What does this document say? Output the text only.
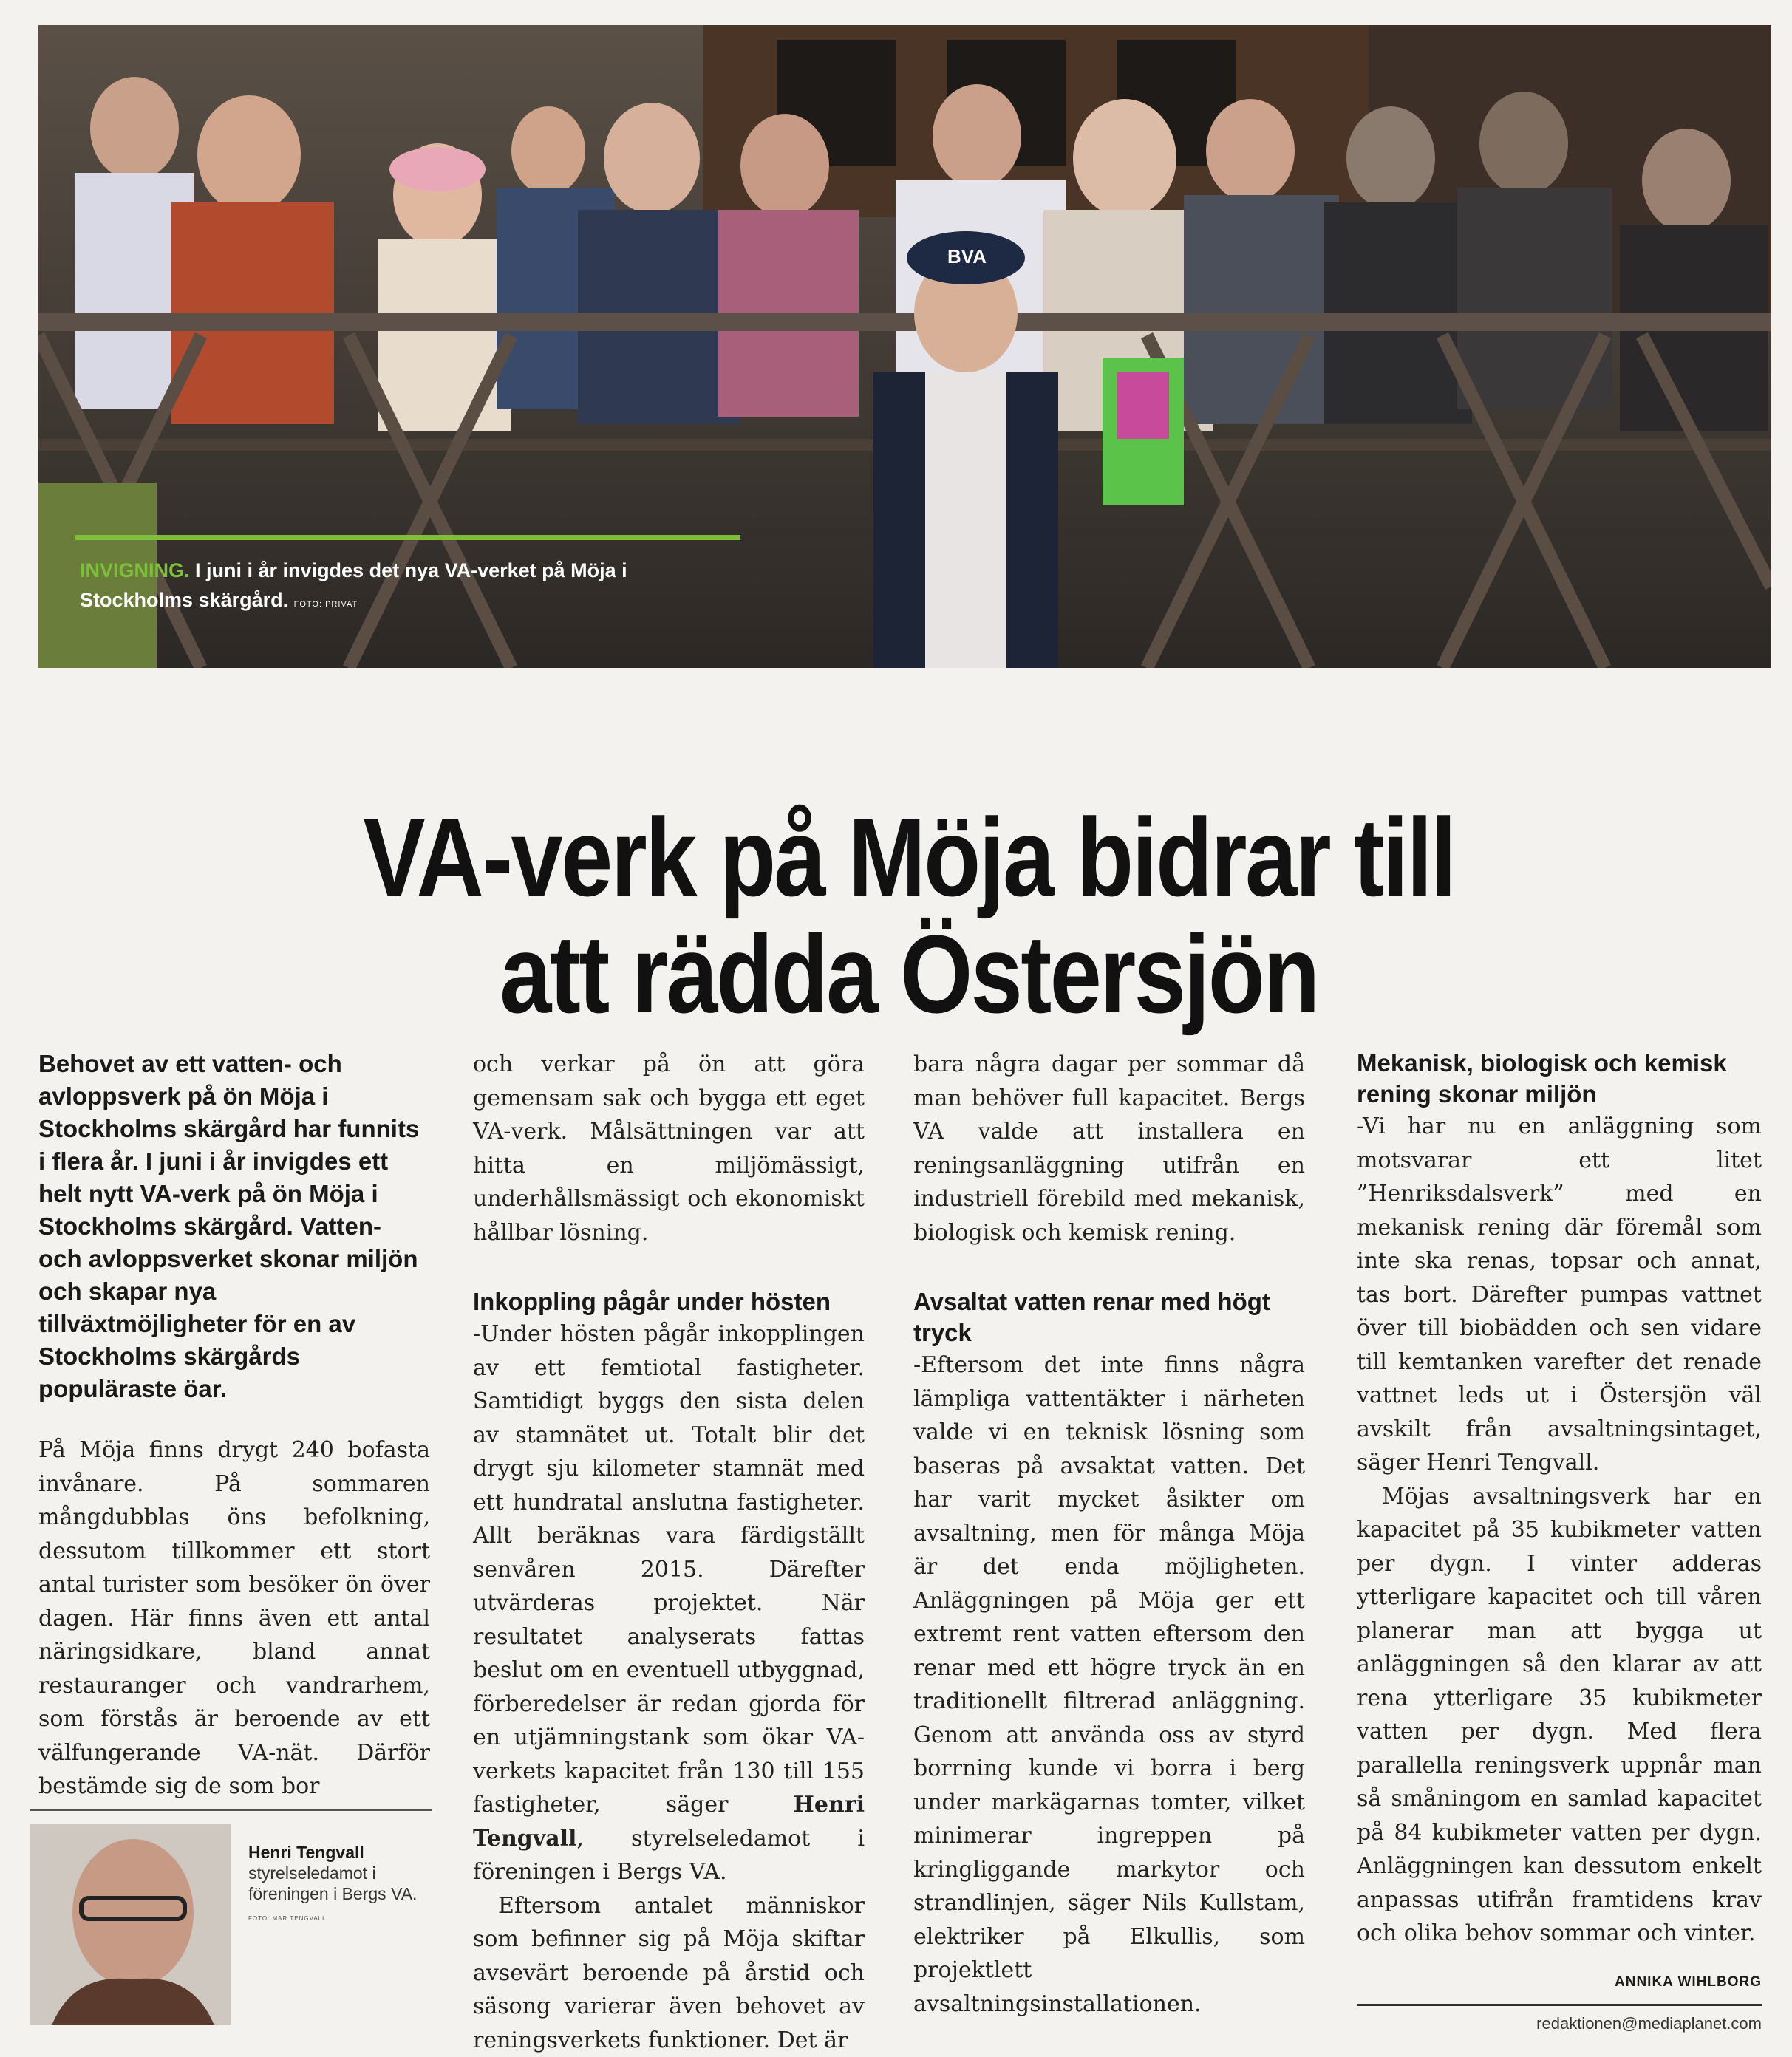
BVA
INVIGNING. I juni i år invigdes det nya VA-verket på Möja i Stockholms skärgård. FOTO: PRIVAT
VA-verk på Möja bidrar till
att rädda Östersjön

Behovet av ett vatten- och avloppsverk på ön Möja i Stockholms skärgård har funnits i flera år. I juni i år invigdes ett helt nytt VA-verk på ön Möja i Stockholms skärgård. Vatten- och avloppsverket skonar miljön och skapar nya tillväxtmöjligheter för en av Stockholms skärgårds populäraste öar.

På Möja finns drygt 240 bofasta invånare. På sommaren mångdubblas öns befolkning, dessutom tillkommer ett stort antal turister som besöker ön över dagen. Här finns även ett antal näringsidkare, bland annat restauranger och vandrarhem, som förstås är beroende av ett välfungerande VA-nät. Därför bestämde sig de som bor

och verkar på ön att göra gemensam sak och bygga ett eget VA-verk. Målsättningen var att hitta en miljömässigt, underhållsmässigt och ekonomiskt hållbar lösning.

Inkoppling pågår under hösten

-Under hösten pågår inkopplingen av ett femtiotal fastigheter. Samtidigt byggs den sista delen av stamnätet ut. Totalt blir det drygt sju kilometer stamnät med ett hundratal anslutna fastigheter. Allt beräknas vara färdigställt senvåren 2015. Därefter utvärderas projektet. När resultatet analyserats fattas beslut om en eventuell utbyggnad, förberedelser är redan gjorda för en utjämningstank som ökar VA-verkets kapacitet från 130 till 155 fastigheter, säger Henri Tengvall, styrelseledamot i föreningen i Bergs VA.

Eftersom antalet människor som befinner sig på Möja skiftar avsevärt beroende på årstid och säsong varierar även behovet av reningsverkets funktioner. Det är

bara några dagar per sommar då man behöver full kapacitet. Bergs VA valde att installera en reningsanläggning utifrån en industriell förebild med mekanisk, biologisk och kemisk rening.

Avsaltat vatten renar med högt tryck

-Eftersom det inte finns några lämpliga vattentäkter i närheten valde vi en teknisk lösning som baseras på avsaktat vatten. Det har varit mycket åsikter om avsaltning, men för många Möja är det enda möjligheten. Anläggningen på Möja ger ett extremt rent vatten eftersom den renar med ett högre tryck än en traditionellt filtrerad anläggning. Genom att använda oss av styrd borrning kunde vi borra i berg under markägarnas tomter, vilket minimerar ingreppen på kringliggande markytor och strandlinjen, säger Nils Kullstam, elektriker på Elkullis, som projektlett avsaltningsinstallationen.

Mekanisk, biologisk och kemisk rening skonar miljön

-Vi har nu en anläggning som motsvarar ett litet ”Henriksdalsverk” med en mekanisk rening där föremål som inte ska renas, topsar och annat, tas bort. Därefter pumpas vattnet över till biobädden och sen vidare till kemtanken varefter det renade vattnet leds ut i Östersjön väl avskilt från avsaltningsintaget, säger Henri Tengvall.

Möjas avsaltningsverk har en kapacitet på 35 kubikmeter vatten per dygn. I vinter adderas ytterligare kapacitet och till våren planerar man att bygga ut anläggningen så den klarar av att rena ytterligare 35 kubikmeter vatten per dygn. Med flera parallella reningsverk uppnår man så småningom en samlad kapacitet på 84 kubikmeter vatten per dygn. Anläggningen kan dessutom enkelt anpassas utifrån framtidens krav och olika behov sommar och vinter.

Henri Tengvall
styrelseledamot i föreningen i Bergs VA.
FOTO: MAR TENGVALL
ANNIKA WIHLBORG
redaktionen@mediaplanet.com
